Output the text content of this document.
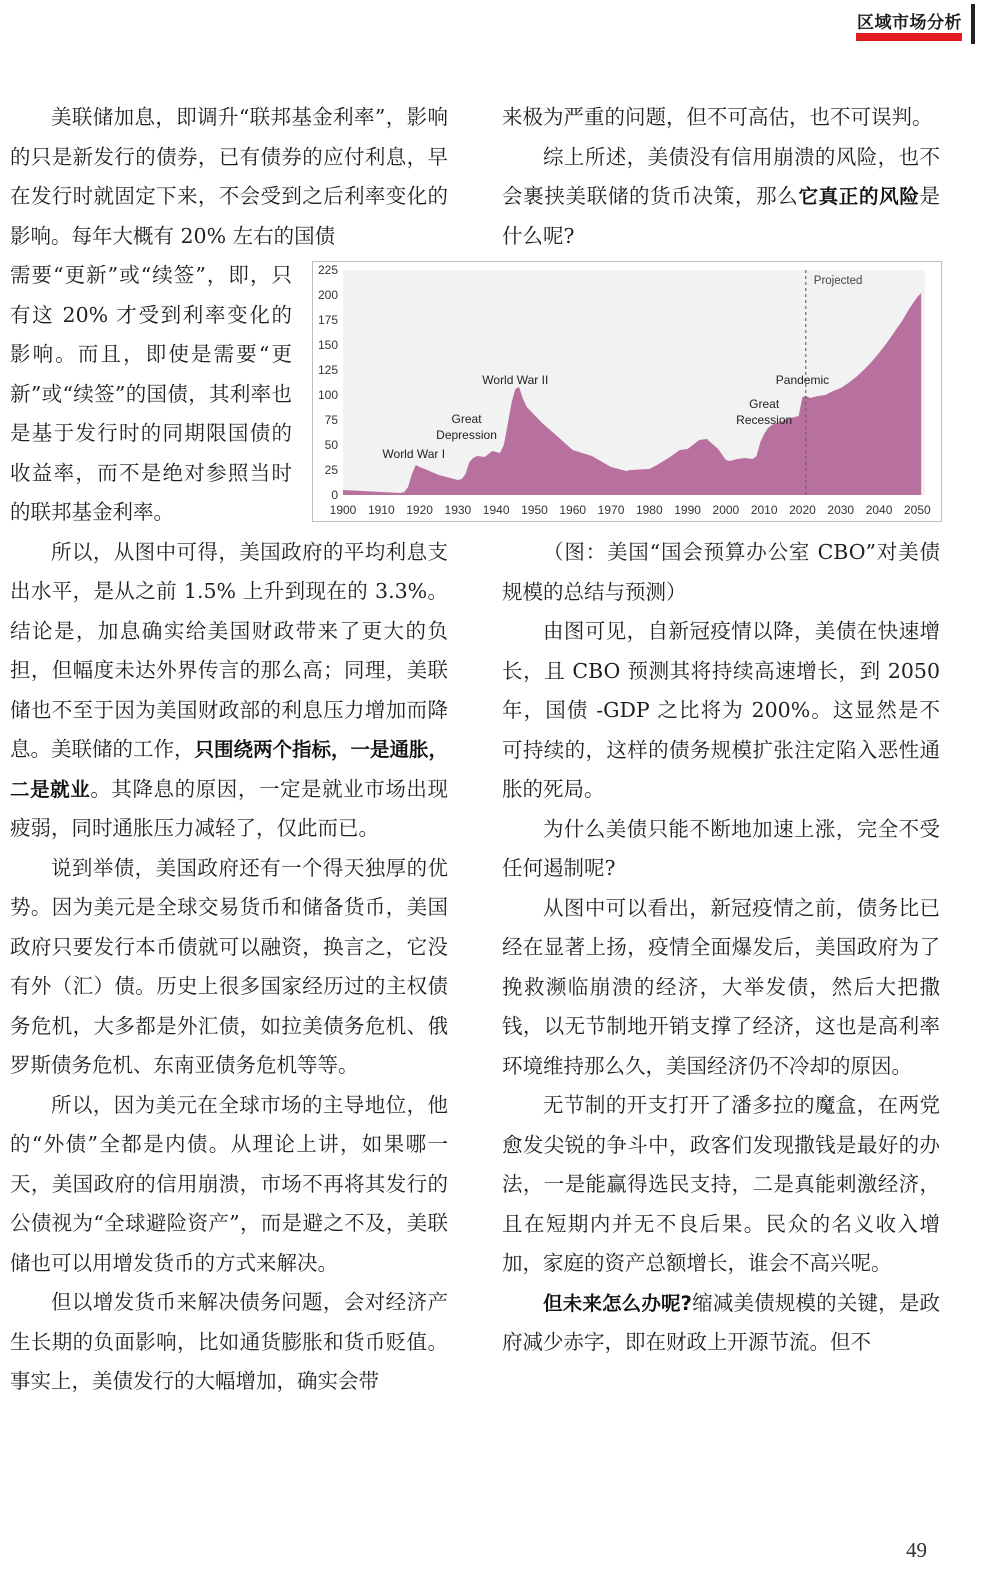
区域市场分析

美联储加息，即调升“联邦基金利率”，影响的只是新发行的债券，已有债券的应付利息，早在发行时就固定下来，不会受到之后利率变化的影响。每年大概有 20% 左右的国债

需要“更新”或“续签”，即，只有这 20% 才受到利率变化的影响。而且，即使是需要“更新”或“续签”的国债，其利率也是基于发行时的同期限国债的收益率，而不是绝对参照当时的联邦基金利率。

所以，从图中可得，美国政府的平均利息支出水平，是从之前 1.5% 上升到现在的 3.3%。结论是，加息确实给美国财政带来了更大的负担，但幅度未达外界传言的那么高；同理，美联储也不至于因为美国财政部的利息压力增加而降息。美联储的工作，只围绕两个指标，一是通胀，二是就业。其降息的原因，一定是就业市场出现疲弱，同时通胀压力减轻了，仅此而已。

说到举债，美国政府还有一个得天独厚的优势。因为美元是全球交易货币和储备货币，美国政府只要发行本币债就可以融资，换言之，它没有外（汇）债。历史上很多国家经历过的主权债务危机，大多都是外汇债，如拉美债务危机、俄罗斯债务危机、东南亚债务危机等等。

所以，因为美元在全球市场的主导地位，他的“外债”全都是内债。从理论上讲，如果哪一天，美国政府的信用崩溃，市场不再将其发行的公债视为“全球避险资产”，而是避之不及，美联储也可以用增发货币的方式来解决。

但以增发货币来解决债务问题，会对经济产生长期的负面影响，比如通货膨胀和货币贬值。事实上，美债发行的大幅增加，确实会带

来极为严重的问题，但不可高估，也不可误判。

综上所述，美债没有信用崩溃的风险，也不会裹挟美联储的货币决策，那么它真正的风险是什么呢?

（图：美国“国会预算办公室 CBO”对美债规模的总结与预测）

由图可见，自新冠疫情以降，美债在快速增长，且 CBO 预测其将持续高速增长，到 2050 年，国债 -GDP 之比将为 200%。这显然是不可持续的，这样的债务规模扩张注定陷入恶性通胀的死局。

为什么美债只能不断地加速上涨，完全不受任何遏制呢?

从图中可以看出，新冠疫情之前，债务比已经在显著上扬，疫情全面爆发后，美国政府为了挽救濒临崩溃的经济，大举发债，然后大把撒钱，以无节制地开销支撑了经济，这也是高利率环境维持那么久，美国经济仍不冷却的原因。

无节制的开支打开了潘多拉的魔盒，在两党愈发尖锐的争斗中，政客们发现撒钱是最好的办法，一是能赢得选民支持，二是真能刺激经济，且在短期内并无不良后果。民众的名义收入增加，家庭的资产总额增长，谁会不高兴呢。

但未来怎么办呢?缩减美债规模的关键，是政府减少赤字，即在财政上开源节流。但不

0
25
50
75
100
125
150
175
200
225
1900 1910 1920 1930 1940 1950 1960 1970 1980 1990 2000 2010 2020 2030 2040 2050
Projected
World War I
Great
Depression
World War II
Great
Recession
Pandemic
49
